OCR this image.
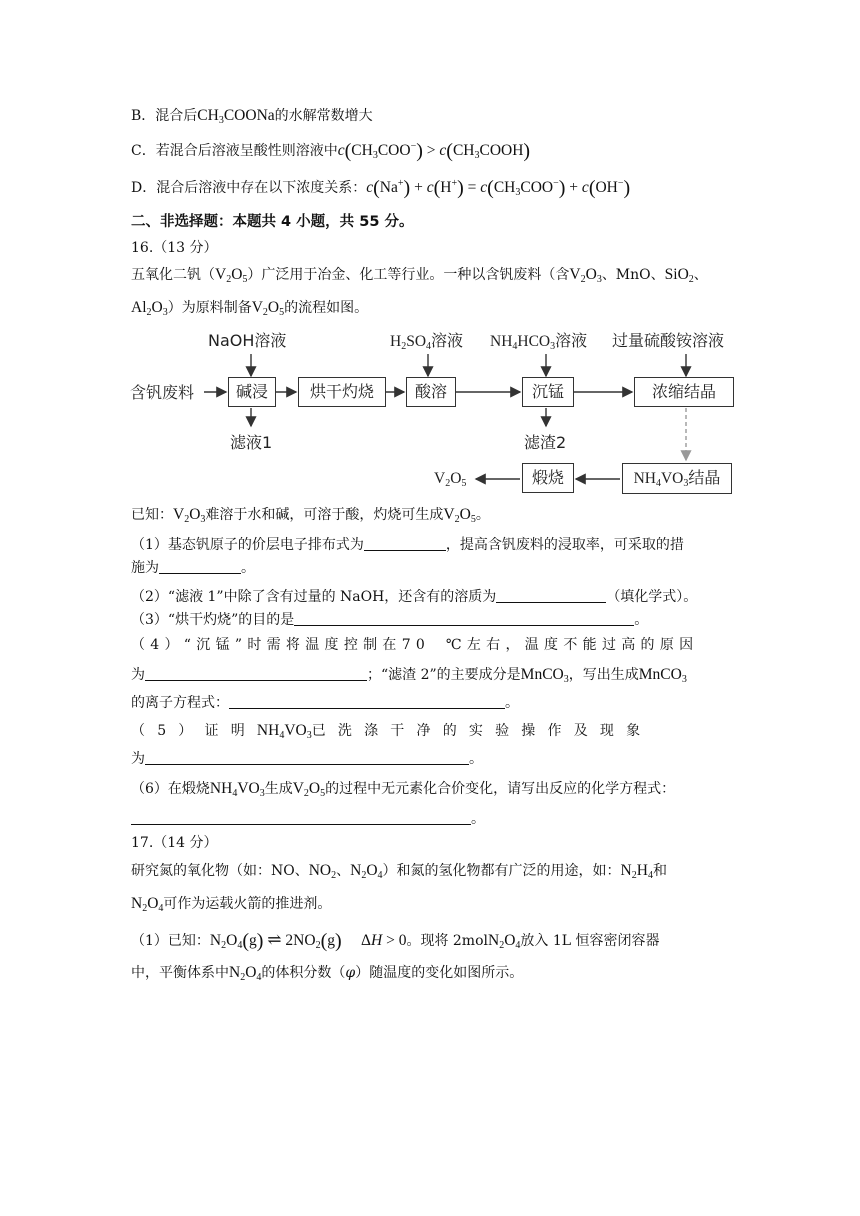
B．混合后$CH_3COONa$的水解常数增大
C．若混合后溶液呈酸性则溶液中$c(CH_3COO^-)$ > $c(CH_3COOH)$
D．混合后溶液中存在以下浓度关系：$c(Na^+) + c(H^+) = c(CH_3COO^-) + c(OH^-)$
二、非选择题：本题共 4 小题，共 55 分。
16.（13 分）
五氧化二钒$(V_2O_5)$广泛用于冶金、化工等行业。一种以含钒废料（含$V_2O_3$、MnO、SiO$_2$、
$Al_2O_3$）为原料制备$V_2O_5$的流程如图。
NaOH溶液	$H_2SO_4$溶液 $NH_4HCO_3$溶液 过量硫酸铵溶液
含钒废料	碱浸	烘干灼烧	酸溶	沉锰	浓缩结晶
滤液1	滤渣2
$V_2O_5$	煅烧	$NH_4VO_3$结晶
已知：$V_2O_3$难溶于水和碱，可溶于酸，灼烧可生成$V_2O_5$。
（1）基态钒原子的价层电子排布式为	，提高含钒废料的浸取率，可采取的措
施为	。
（2）“滤液 1”中除了含有过量的 NaOH，还含有的溶质为	（填化学式）。
（3）“烘干灼烧”的目的是	。
（4）“沉锰”时需将温度控制在70 ℃左右，温度不能过高的原因
为	；“滤渣 2”的主要成分是MnCO$_3$，写出生成MnCO$_3$
的离子方程式：	。
（5）证明$NH_4VO_3$已洗涤干净的实验操作及现象
为	。
（6）在煅烧$NH_4VO_3$生成$V_2O_5$的过程中无元素化合价变化，请写出反应的化学方程式：
。
17.（14 分）
研究氮的氧化物（如：NO、$NO_2$、$N_2O_4$）和氮的氢化物都有广泛的用途，如：$N_2H_4$和
$N_2O_4$可作为运载火箭的推进剂。
（1）已知：$N_2O_4(g)$ ⇌ $2NO_2(g)$     ΔH > 0。现将 $2molN_2O_4$放入 1L 恒容密闭容器
中，平衡体系中$N_2O_4$的体积分数（φ）随温度的变化如图所示。
